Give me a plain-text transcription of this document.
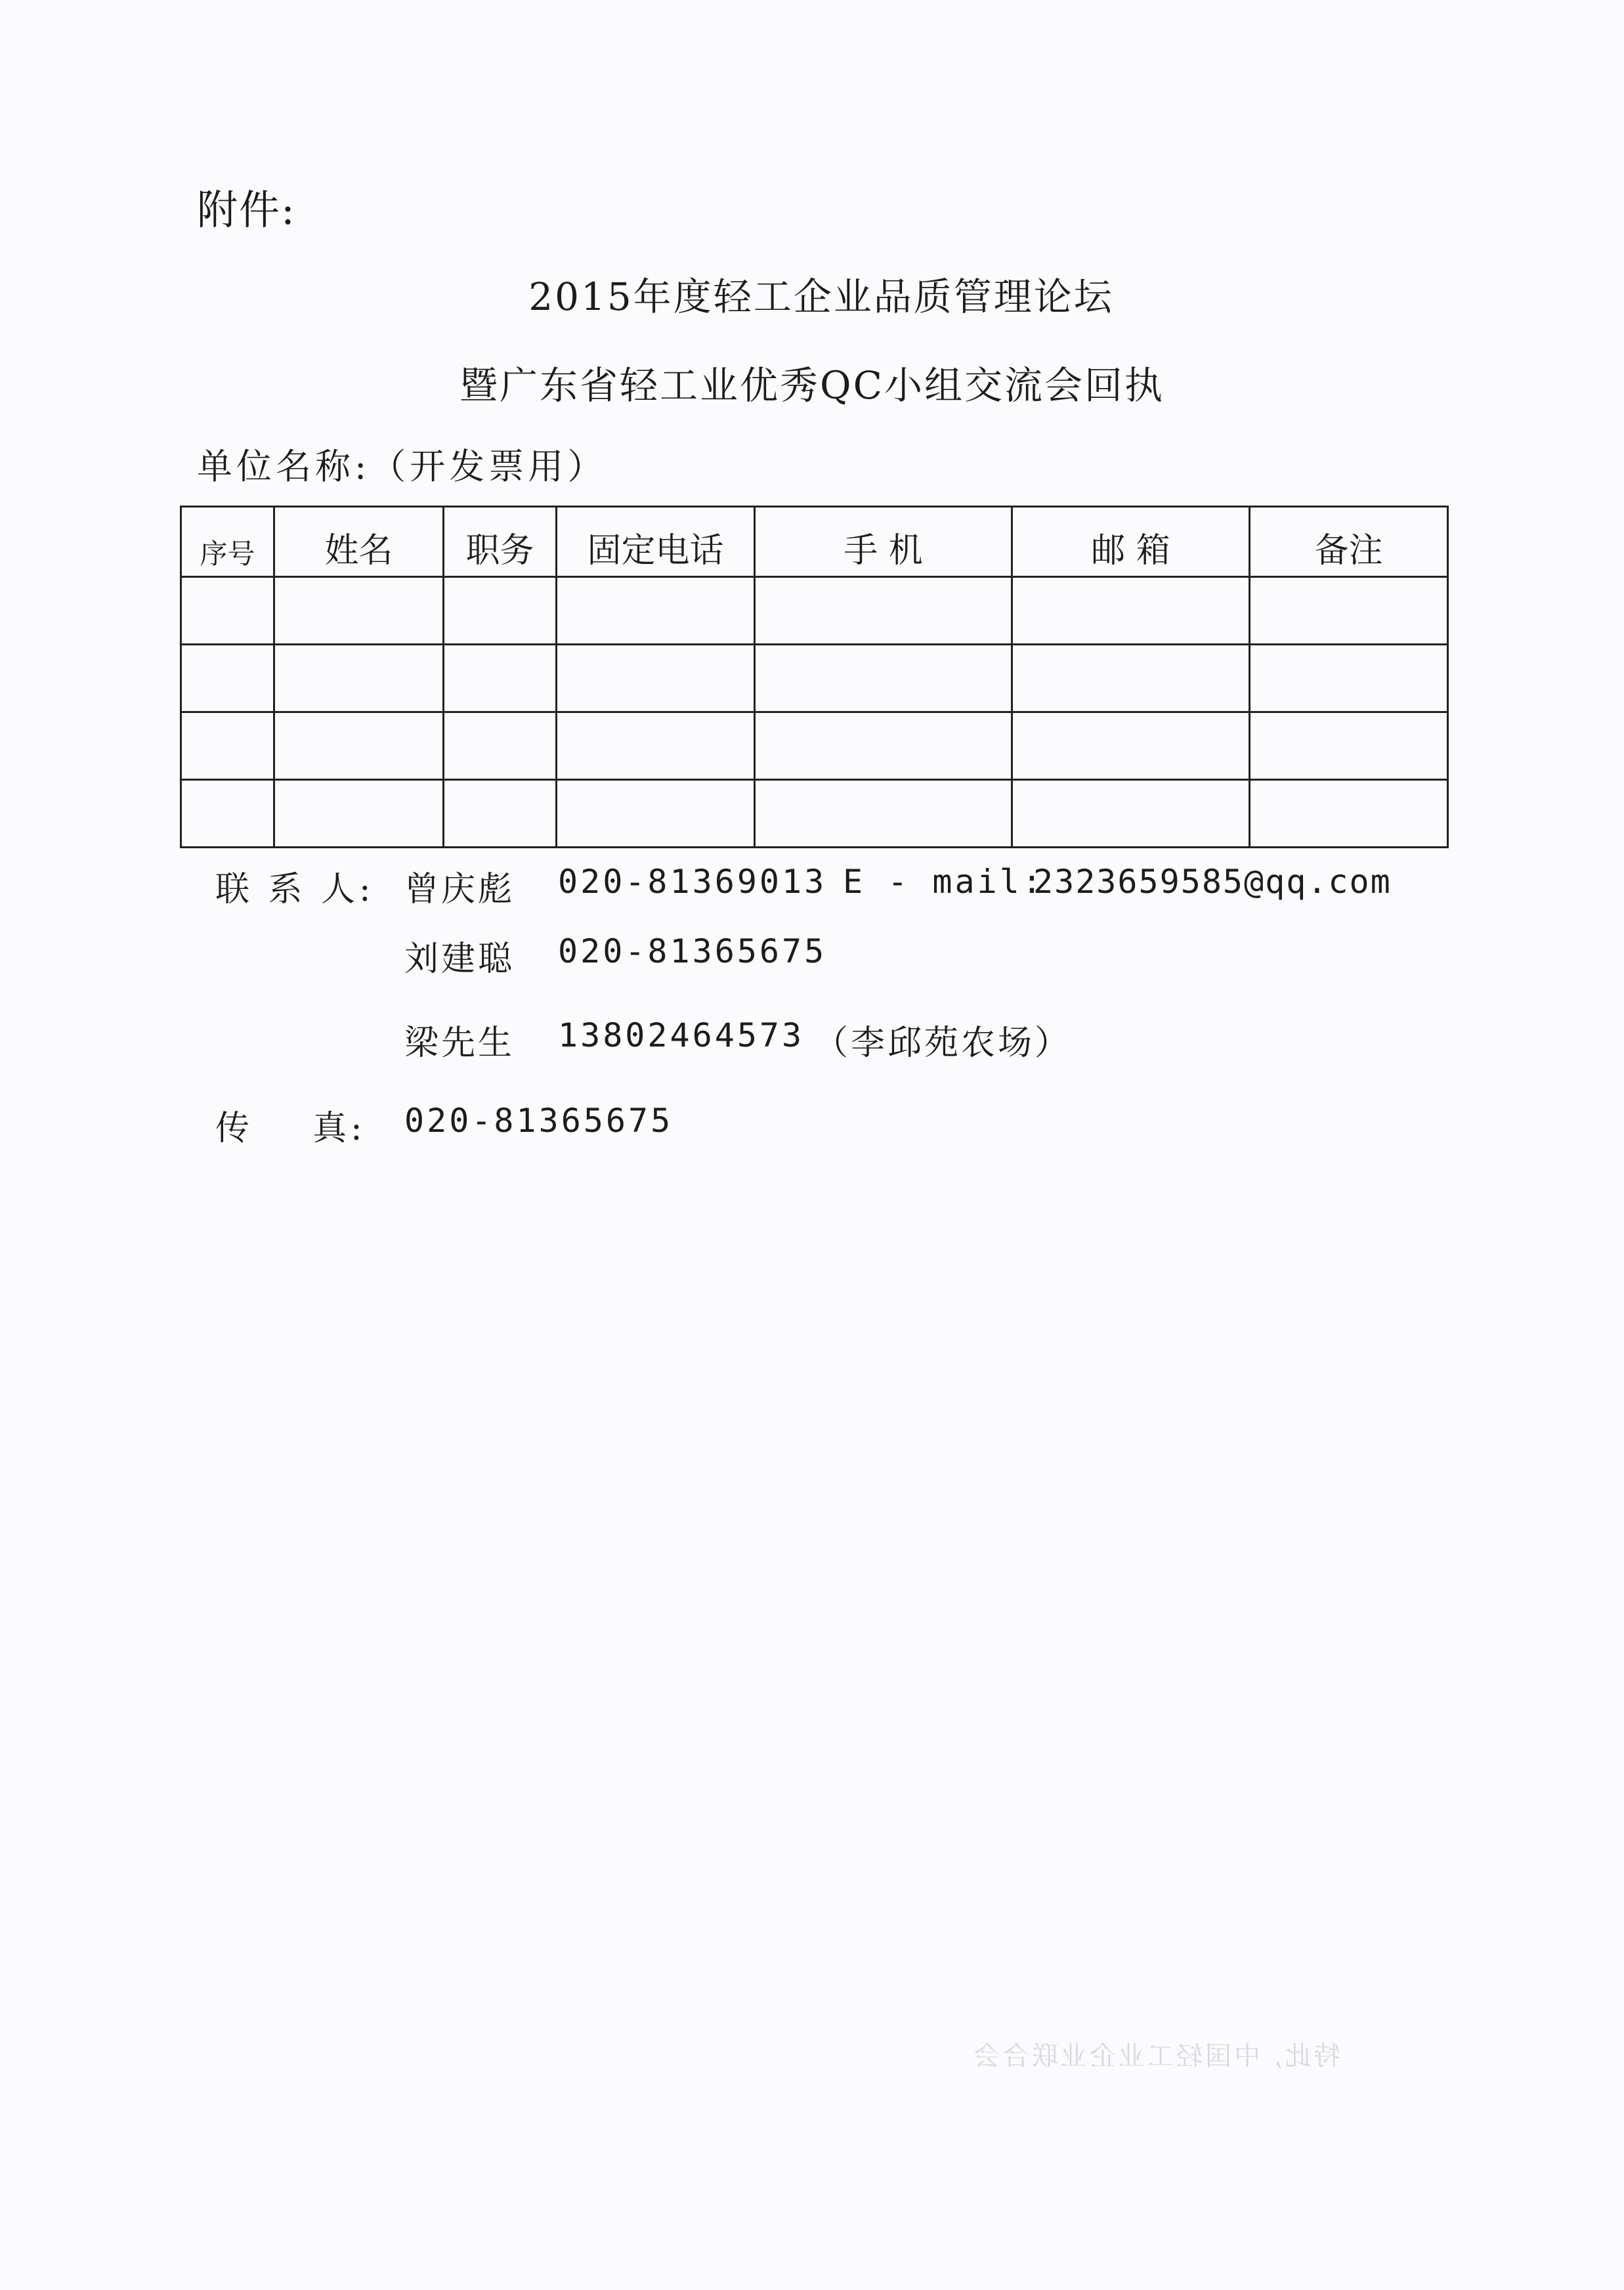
附件:
2015年度轻工企业品质管理论坛
暨广东省轻工业优秀QC小组交流会回执
单位名称:（开发票用）
序号	姓名	职务	固定电话	手 机	邮 箱	备注

联 系 人: 曾庆彪 020-81369013 E - mail:
2323659585@qq.com
刘建聪 020-81365675
梁先生 13802464573 （李邱苑农场）
传    真: 020-81365675
特此, 中国轻工业企业联合会
